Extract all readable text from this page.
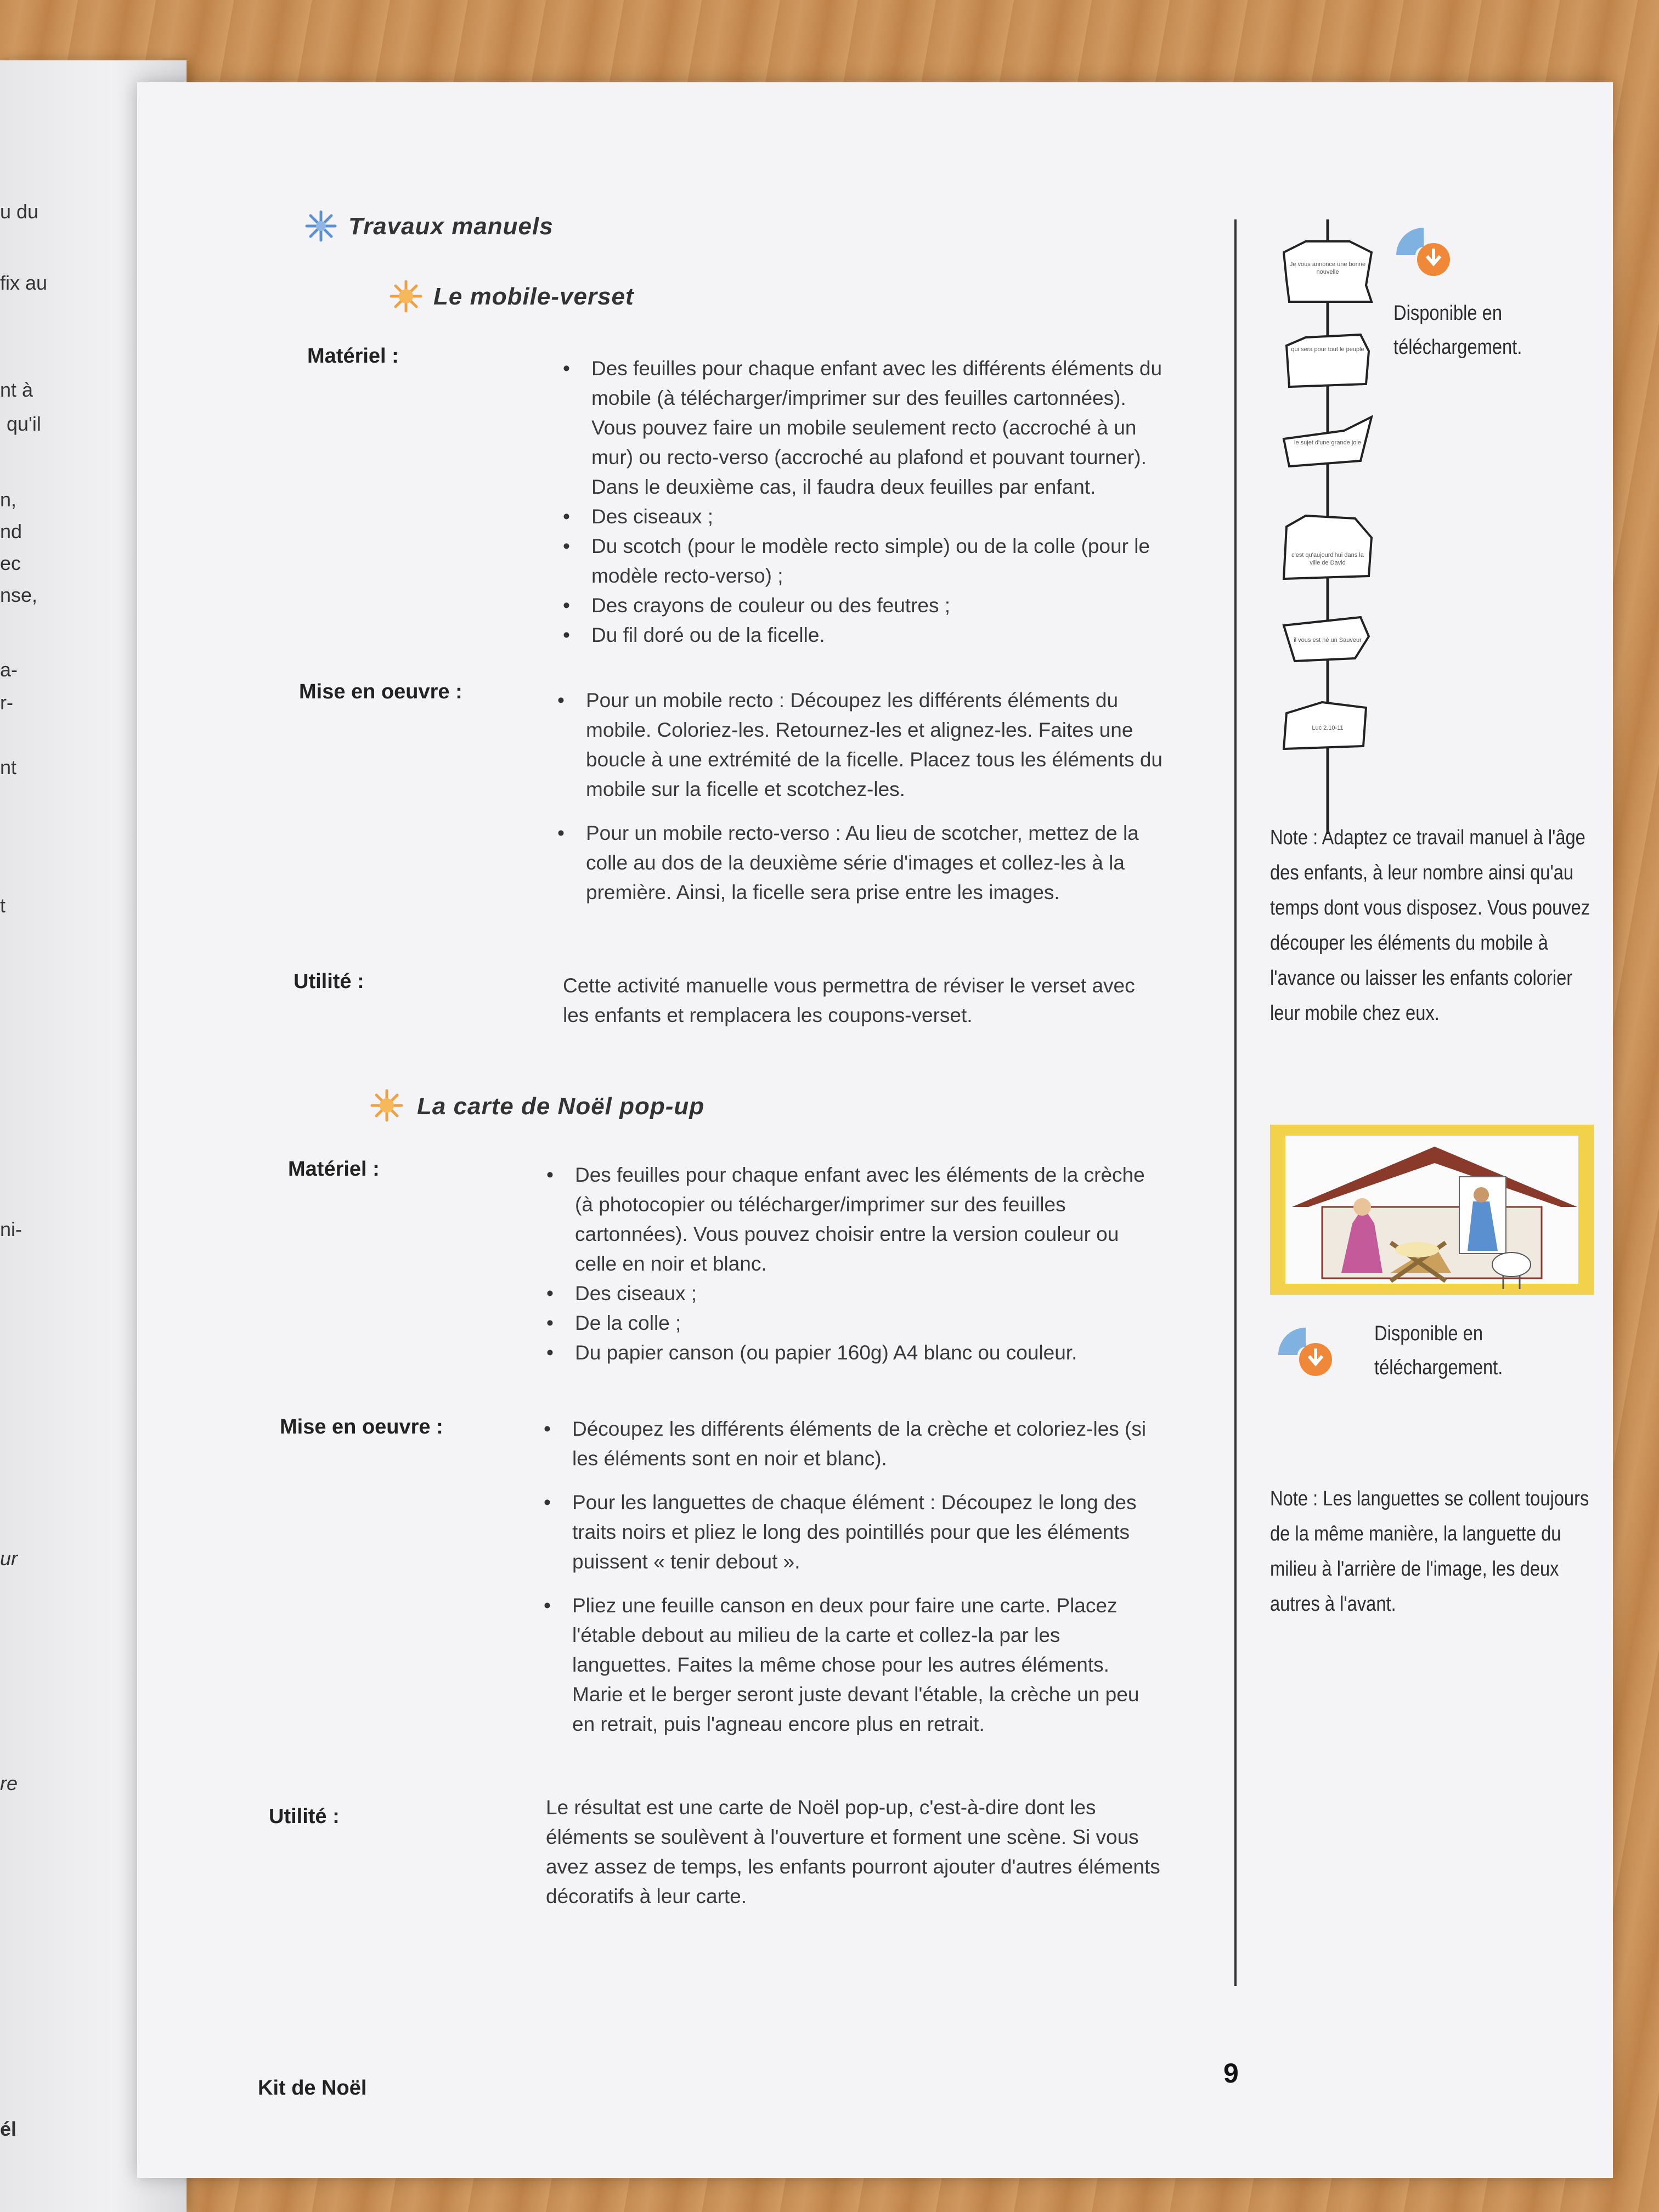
u du
fix au
nt à
qu'il
n,
nd
ec
nse,
a-
r-
nt
t
ni-
ur
re
él
Travaux manuels
Le mobile-verset
Matériel :
• Des feuilles pour chaque enfant avec les différents éléments du mobile (à télécharger/imprimer sur des feuilles cartonnées). Vous pouvez faire un mobile seulement recto (accroché à un mur) ou recto-verso (accroché au plafond et pouvant tourner). Dans le deuxième cas, il faudra deux feuilles par enfant.
• Des ciseaux ;
• Du scotch (pour le modèle recto simple) ou de la colle (pour le modèle recto-verso) ;
• Des crayons de couleur ou des feutres ;
• Du fil doré ou de la ficelle.
Mise en oeuvre :	• Pour un mobile recto : Découpez les différents éléments du mobile. Coloriez-les. Retournez-les et alignez-les. Faites une boucle à une extrémité de la ficelle. Placez tous les éléments du mobile sur la ficelle et scotchez-les.
• Pour un mobile recto-verso : Au lieu de scotcher, mettez de la colle au dos de la deuxième série d'images et collez-les à la première. Ainsi, la ficelle sera prise entre les images.
Utilité :	Cette activité manuelle vous permettra de réviser le verset avec les enfants et remplacera les coupons-verset.
La carte de Noël pop-up
Matériel :	• Des feuilles pour chaque enfant avec les éléments de la crèche (à photocopier ou télécharger/imprimer sur des feuilles cartonnées). Vous pouvez choisir entre la version couleur ou celle en noir et blanc.
• Des ciseaux ;
• De la colle ;
• Du papier canson (ou papier 160g) A4 blanc ou couleur.
Mise en oeuvre :	• Découpez les différents éléments de la crèche et coloriez-les (si les éléments sont en noir et blanc).
• Pour les languettes de chaque élément : Découpez le long des traits noirs et pliez le long des pointillés pour que les éléments puissent « tenir debout ».
• Pliez une feuille canson en deux pour faire une carte. Placez l'étable debout au milieu de la carte et collez-la par les languettes. Faites la même chose pour les autres éléments. Marie et le berger seront juste devant l'étable, la crèche un peu en retrait, puis l'agneau encore plus en retrait.
Utilité :	Le résultat est une carte de Noël pop-up, c'est-à-dire dont les éléments se soulèvent à l'ouverture et forment une scène. Si vous avez assez de temps, les enfants pourront ajouter d'autres éléments décoratifs à leur carte.
Je vous annonce une bonne nouvelle
qui sera pour tout le peuple
le sujet d'une grande joie
c'est qu'aujourd'hui dans la ville de David
il vous est né un Sauveur
Luc 2.10-11
Disponible en téléchargement.
Note : Adaptez ce travail manuel à l'âge des enfants, à leur nombre ainsi qu'au temps dont vous disposez. Vous pouvez découper les éléments du mobile à l'avance ou laisser les enfants colorier leur mobile chez eux.
Disponible en téléchargement.
Note : Les languettes se collent toujours de la même manière, la languette du milieu à l'arrière de l'image, les deux autres à l'avant.
Kit de Noël	9
